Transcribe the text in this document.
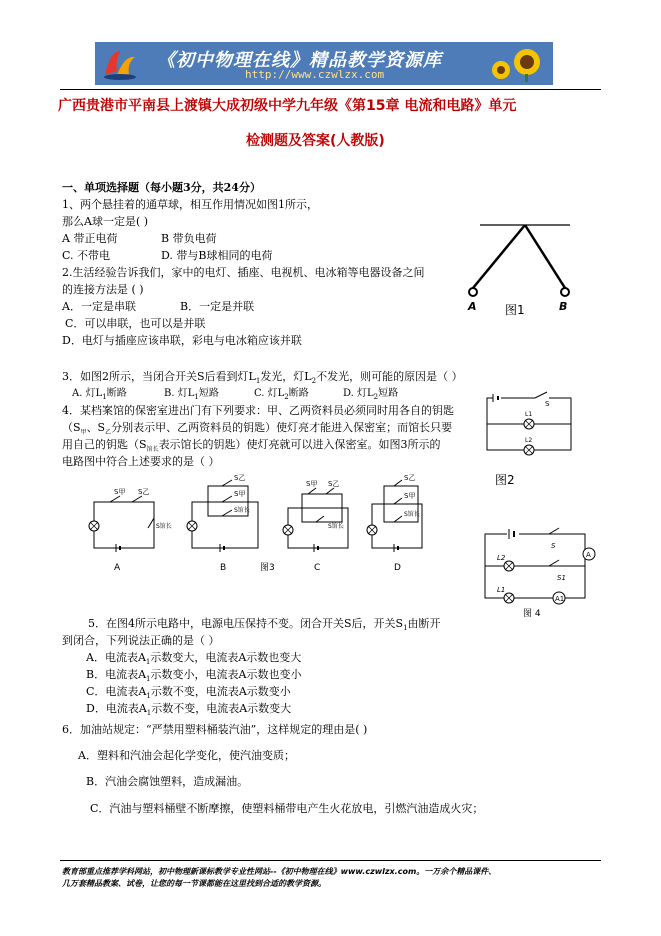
《初中物理在线》精品教学资源库
http://www.czwlzx.com
广西贵港市平南县上渡镇大成初级中学九年级《第15章 电流和电路》单元
检测题及答案(人教版)
一、单项选择题（每小题3分，共24分）
1、两个悬挂着的通草球，相互作用情况如图1所示，
那么A球一定是( )
A 带正电荷	B 带负电荷
C. 不带电	D. 带与B球相同的电荷
2.生活经验告诉我们，家中的电灯、插座、电视机、电冰箱等电器设备之间
的连接方法是 ( )
A．一定是串联	B．一定是并联
C．可以串联，也可以是并联
D．电灯与插座应该串联，彩电与电冰箱应该并联
A	B
图1
3．如图2所示，当闭合开关S后看到灯$L_1$发光，灯$L_2$不发光，则可能的原因是（ ）
A. 灯$L_1$断路	B. 灯$L_1$短路	C. 灯$L_2$断路	D. 灯$L_2$短路
4．某档案馆的保密室进出门有下列要求：甲、乙两资料员必须同时用各自的钥匙
（$S_甲$、$S_乙$分别表示甲、乙两资料员的钥匙）使灯亮才能进入保密室；而馆长只要
用自己的钥匙（$S_{馆长}$表示馆长的钥匙）使灯亮就可以进入保密室。如图3所示的
电路图中符合上述要求的是（ ）
S
L1
L2
图2
S甲 S乙
S馆长
A
S乙
S甲
S馆长
B	图3
S甲 S乙
S馆长
C
S乙
S甲
S馆长
D
S
L2
S1
A
L1
A1
图 4
5．在图4所示电路中，电源电压保持不变。闭合开关S后，开关$S_1$由断开
到闭合，下列说法正确的是（ ）
A．电流表$A_1$示数变大，电流表A示数也变大
B．电流表$A_1$示数变小，电流表A示数也变小
C．电流表$A_1$示数不变，电流表A示数变小
D．电流表$A_1$示数不变，电流表A示数变大
6．加油站规定：“严禁用塑料桶装汽油”，这样规定的理由是( )
A．塑料和汽油会起化学变化，使汽油变质；
B．汽油会腐蚀塑料，造成漏油。
C．汽油与塑料桶壁不断摩擦，使塑料桶带电产生火花放电，引燃汽油造成火灾；
教育部重点推荐学科网站，初中物理新课标教学专业性网站--《初中物理在线》www.czwlzx.com。一万余个精品课件、
几万套精品教案、试卷，让您的每一节课都能在这里找到合适的教学资源。
